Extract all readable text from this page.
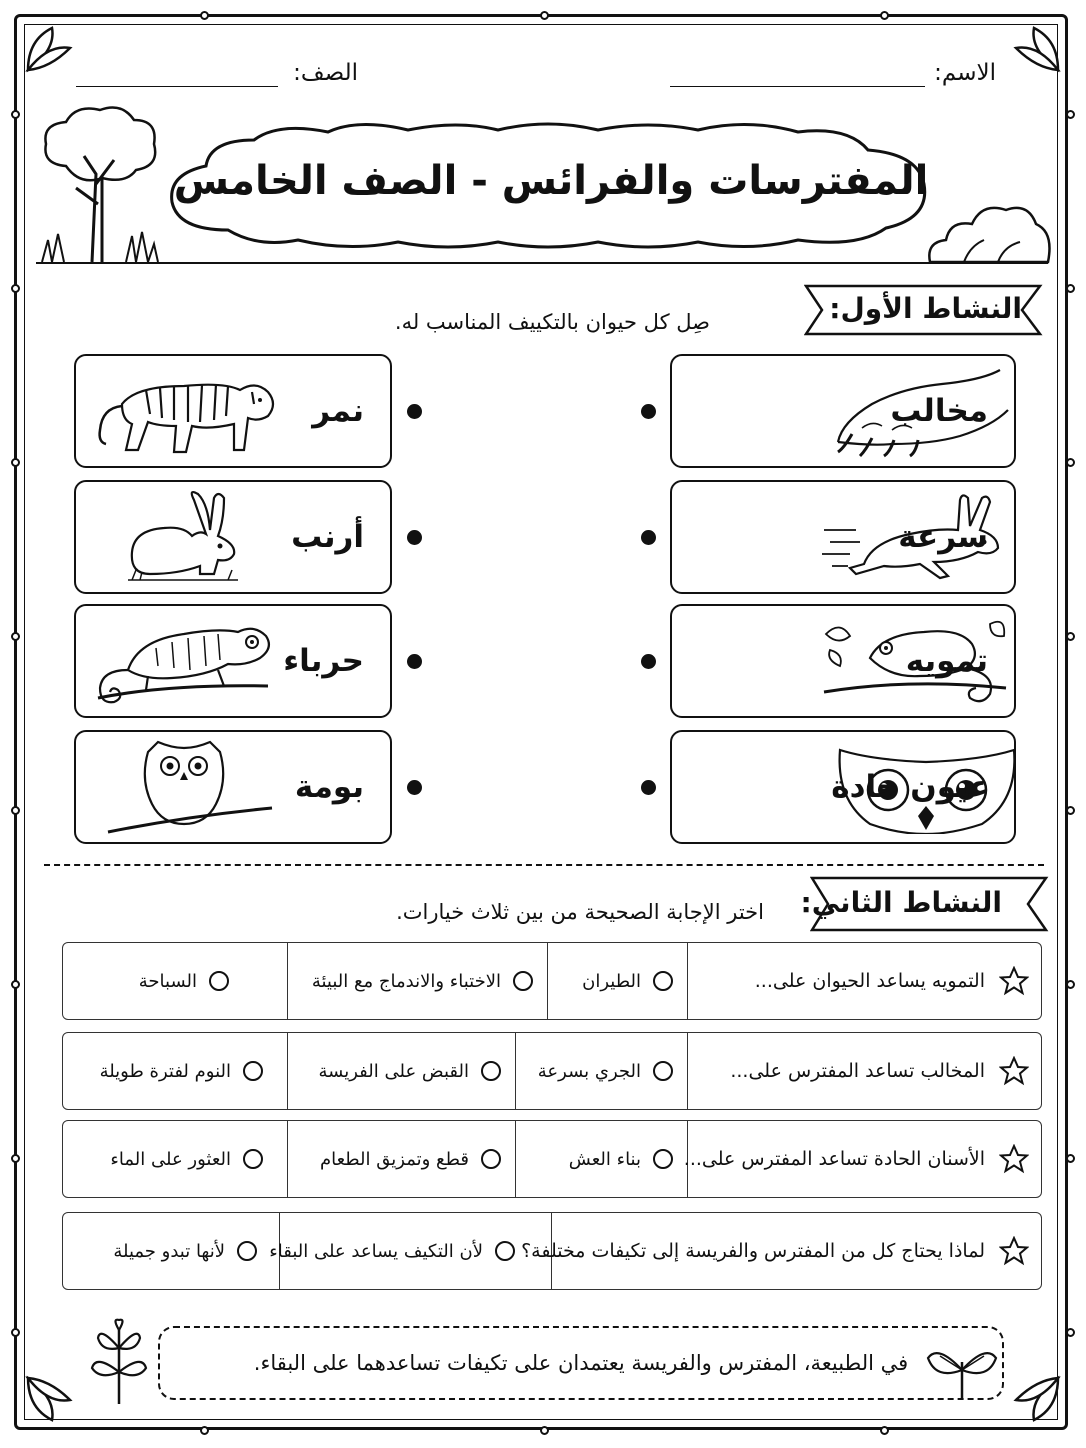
الاسم:
الصف:
المفترسات والفرائس - الصف الخامس
النشاط الأول:
صِل كل حيوان بالتكييف المناسب له.
نمر
أرنب
حرباء
بومة
مخالب
سرعة
تمويه
عيون حادة
النشاط الثاني:
اختر الإجابة الصحيحة من بين ثلاث خيارات.
التمويه يساعد الحيوان على...
الطيران
الاختباء والاندماج مع البيئة
السباحة
المخالب تساعد المفترس على...
الجري بسرعة
القبض على الفريسة
النوم لفترة طويلة
الأسنان الحادة تساعد المفترس على...
بناء العش
قطع وتمزيق الطعام
العثور على الماء
لماذا يحتاج كل من المفترس والفريسة إلى تكيفات مختلفة؟
لأن التكيف يساعد على البقاء
لأنها تبدو جميلة
في الطبيعة، المفترس والفريسة يعتمدان على تكيفات تساعدهما على البقاء.
